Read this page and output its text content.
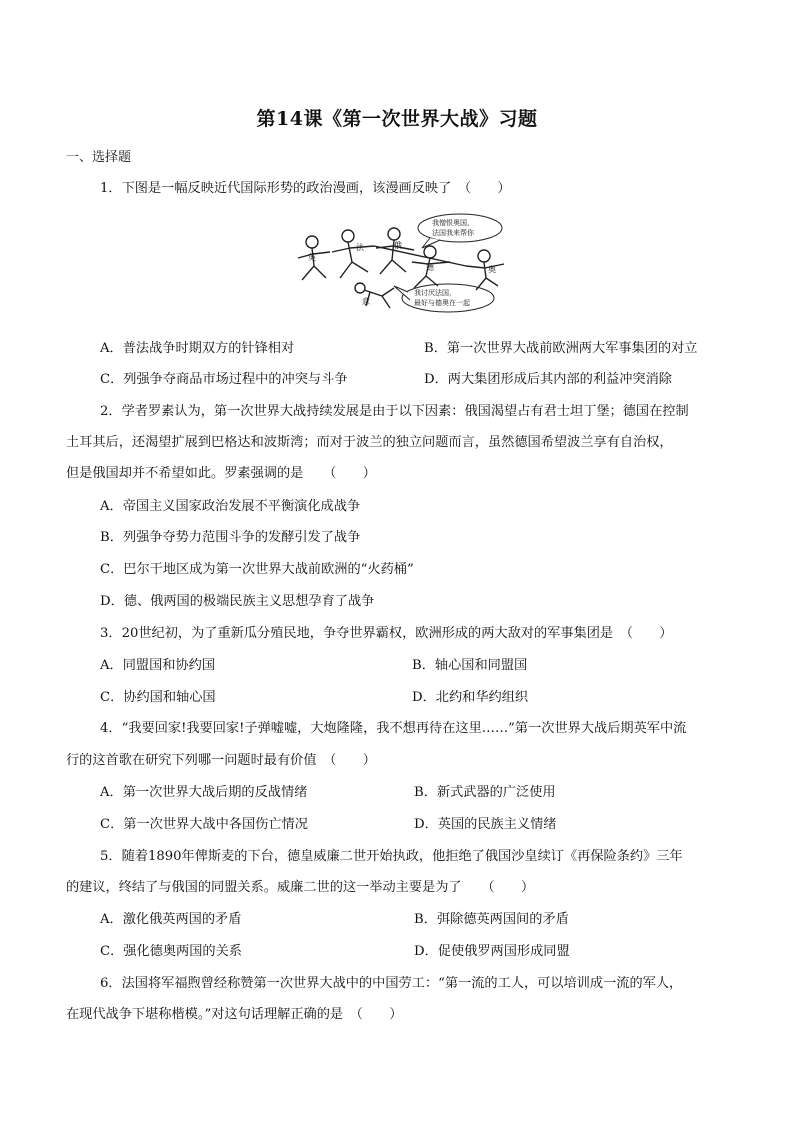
第14课《第一次世界大战》习题
一、选择题
1．下图是一幅反映近代国际形势的政治漫画，该漫画反映了　（　　）
我憎恨奥国，
法国我来帮你
我讨厌法国，
最好与德奥在一起
英
法	俄
德	奥
意
A．普法战争时期双方的针锋相对	B．第一次世界大战前欧洲两大军事集团的对立
C．列强争夺商品市场过程中的冲突与斗争	D．两大集团形成后其内部的利益冲突消除
2．学者罗素认为，第一次世界大战持续发展是由于以下因素：俄国渴望占有君士坦丁堡；德国在控制
土耳其后，还渴望扩展到巴格达和波斯湾；而对于波兰的独立问题而言，虽然德国希望波兰享有自治权，
但是俄国却并不希望如此。罗素强调的是　　（　　）
A．帝国主义国家政治发展不平衡演化成战争
B．列强争夺势力范围斗争的发酵引发了战争
C．巴尔干地区成为第一次世界大战前欧洲的“火药桶”
D．德、俄两国的极端民族主义思想孕育了战争
3．20世纪初，为了重新瓜分殖民地，争夺世界霸权，欧洲形成的两大敌对的军事集团是　（　　）
A．同盟国和协约国	B．轴心国和同盟国
C．协约国和轴心国	D．北约和华约组织
4．“我要回家!我要回家!子弹嘘嘘，大炮隆隆，我不想再待在这里……”第一次世界大战后期英军中流
行的这首歌在研究下列哪一问题时最有价值　（　　）
A．第一次世界大战后期的反战情绪	B．新式武器的广泛使用
C．第一次世界大战中各国伤亡情况	D．英国的民族主义情绪
5．随着1890年俾斯麦的下台，德皇威廉二世开始执政，他拒绝了俄国沙皇续订《再保险条约》三年
的建议，终结了与俄国的同盟关系。威廉二世的这一举动主要是为了　　（　　）
A．激化俄英两国的矛盾	B．弭除德英两国间的矛盾
C．强化德奥两国的关系	D．促使俄罗两国形成同盟
6．法国将军福煦曾经称赞第一次世界大战中的中国劳工：“第一流的工人，可以培训成一流的军人，
在现代战争下堪称楷模。”对这句话理解正确的是　（　　）
